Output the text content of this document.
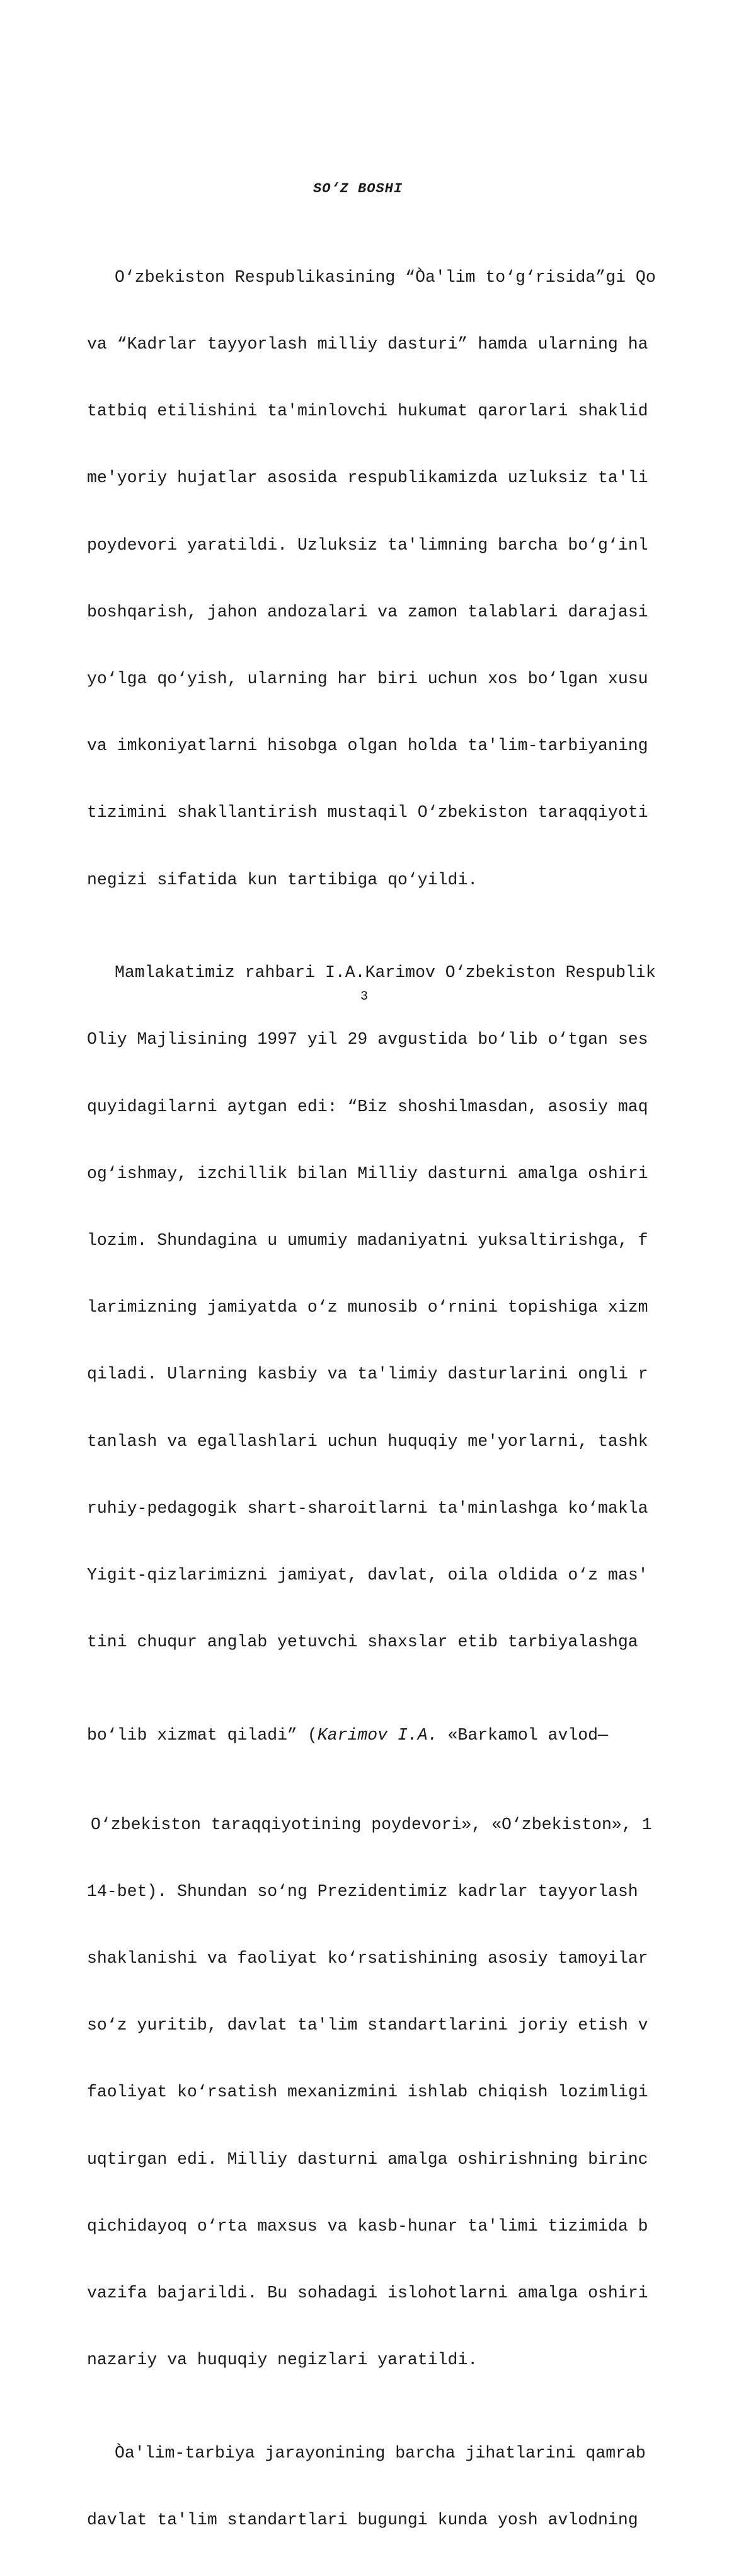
SO‘Z BOSHI

O‘zbekiston Respublikasining “Òa'lim to‘g‘risida”gi Qo

va “Kadrlar tayyorlash milliy dasturi” hamda ularning ha

tatbiq etilishini ta'minlovchi hukumat qarorlari shaklid

me'yoriy hujatlar asosida respublikamizda uzluksiz ta'li

poydevori yaratildi. Uzluksiz ta'limning barcha bo‘g‘inl

boshqarish, jahon andozalari va zamon talablari darajasi

yo‘lga qo‘yish, ularning har biri uchun xos bo‘lgan xusu

va imkoniyatlarni hisobga olgan holda ta'lim-tarbiyaning

tizimini shakllantirish mustaqil O‘zbekiston taraqqiyoti

negizi sifatida kun tartibiga qo‘yildi.

Mamlakatimiz rahbari I.A.Karimov O‘zbekiston Respublik

Oliy Majlisining 1997 yil 29 avgustida bo‘lib o‘tgan ses

quyidagilarni aytgan edi: “Biz shoshilmasdan, asosiy maq

og‘ishmay, izchillik bilan Milliy dasturni amalga oshiri

lozim. Shundagina u umumiy madaniyatni yuksaltirishga, f

larimizning jamiyatda o‘z munosib o‘rnini topishiga xizm

qiladi. Ularning kasbiy va ta'limiy dasturlarini ongli r

tanlash va egallashlari uchun huquqiy me'yorlarni, tashk

ruhiy-pedagogik shart-sharoitlarni ta'minlashga ko‘makla

Yigit-qizlarimizni jamiyat, davlat, oila oldida o‘z mas'

tini chuqur anglab yetuvchi shaxslar etib tarbiyalashga

bo‘lib xizmat qiladi” (Karimov I.A. «Barkamol avlod—

O‘zbekiston taraqqiyotining poydevori», «O‘zbekiston», 1

14-bet). Shundan so‘ng Prezidentimiz kadrlar tayyorlash

shaklanishi va faoliyat ko‘rsatishining asosiy tamoyilar

so‘z yuritib, davlat ta'lim standartlarini joriy etish v

faoliyat ko‘rsatish mexanizmini ishlab chiqish lozimligi

uqtirgan edi. Milliy dasturni amalga oshirishning birinc

qichidayoq o‘rta maxsus va kasb-hunar ta'limi tizimida b

vazifa bajarildi. Bu sohadagi islohotlarni amalga oshiri

nazariy va huquqiy negizlari yaratildi.

Òa'lim-tarbiya jarayonining barcha jihatlarini qamrab

davlat ta'lim standartlari bugungi kunda yosh avlodning

3
